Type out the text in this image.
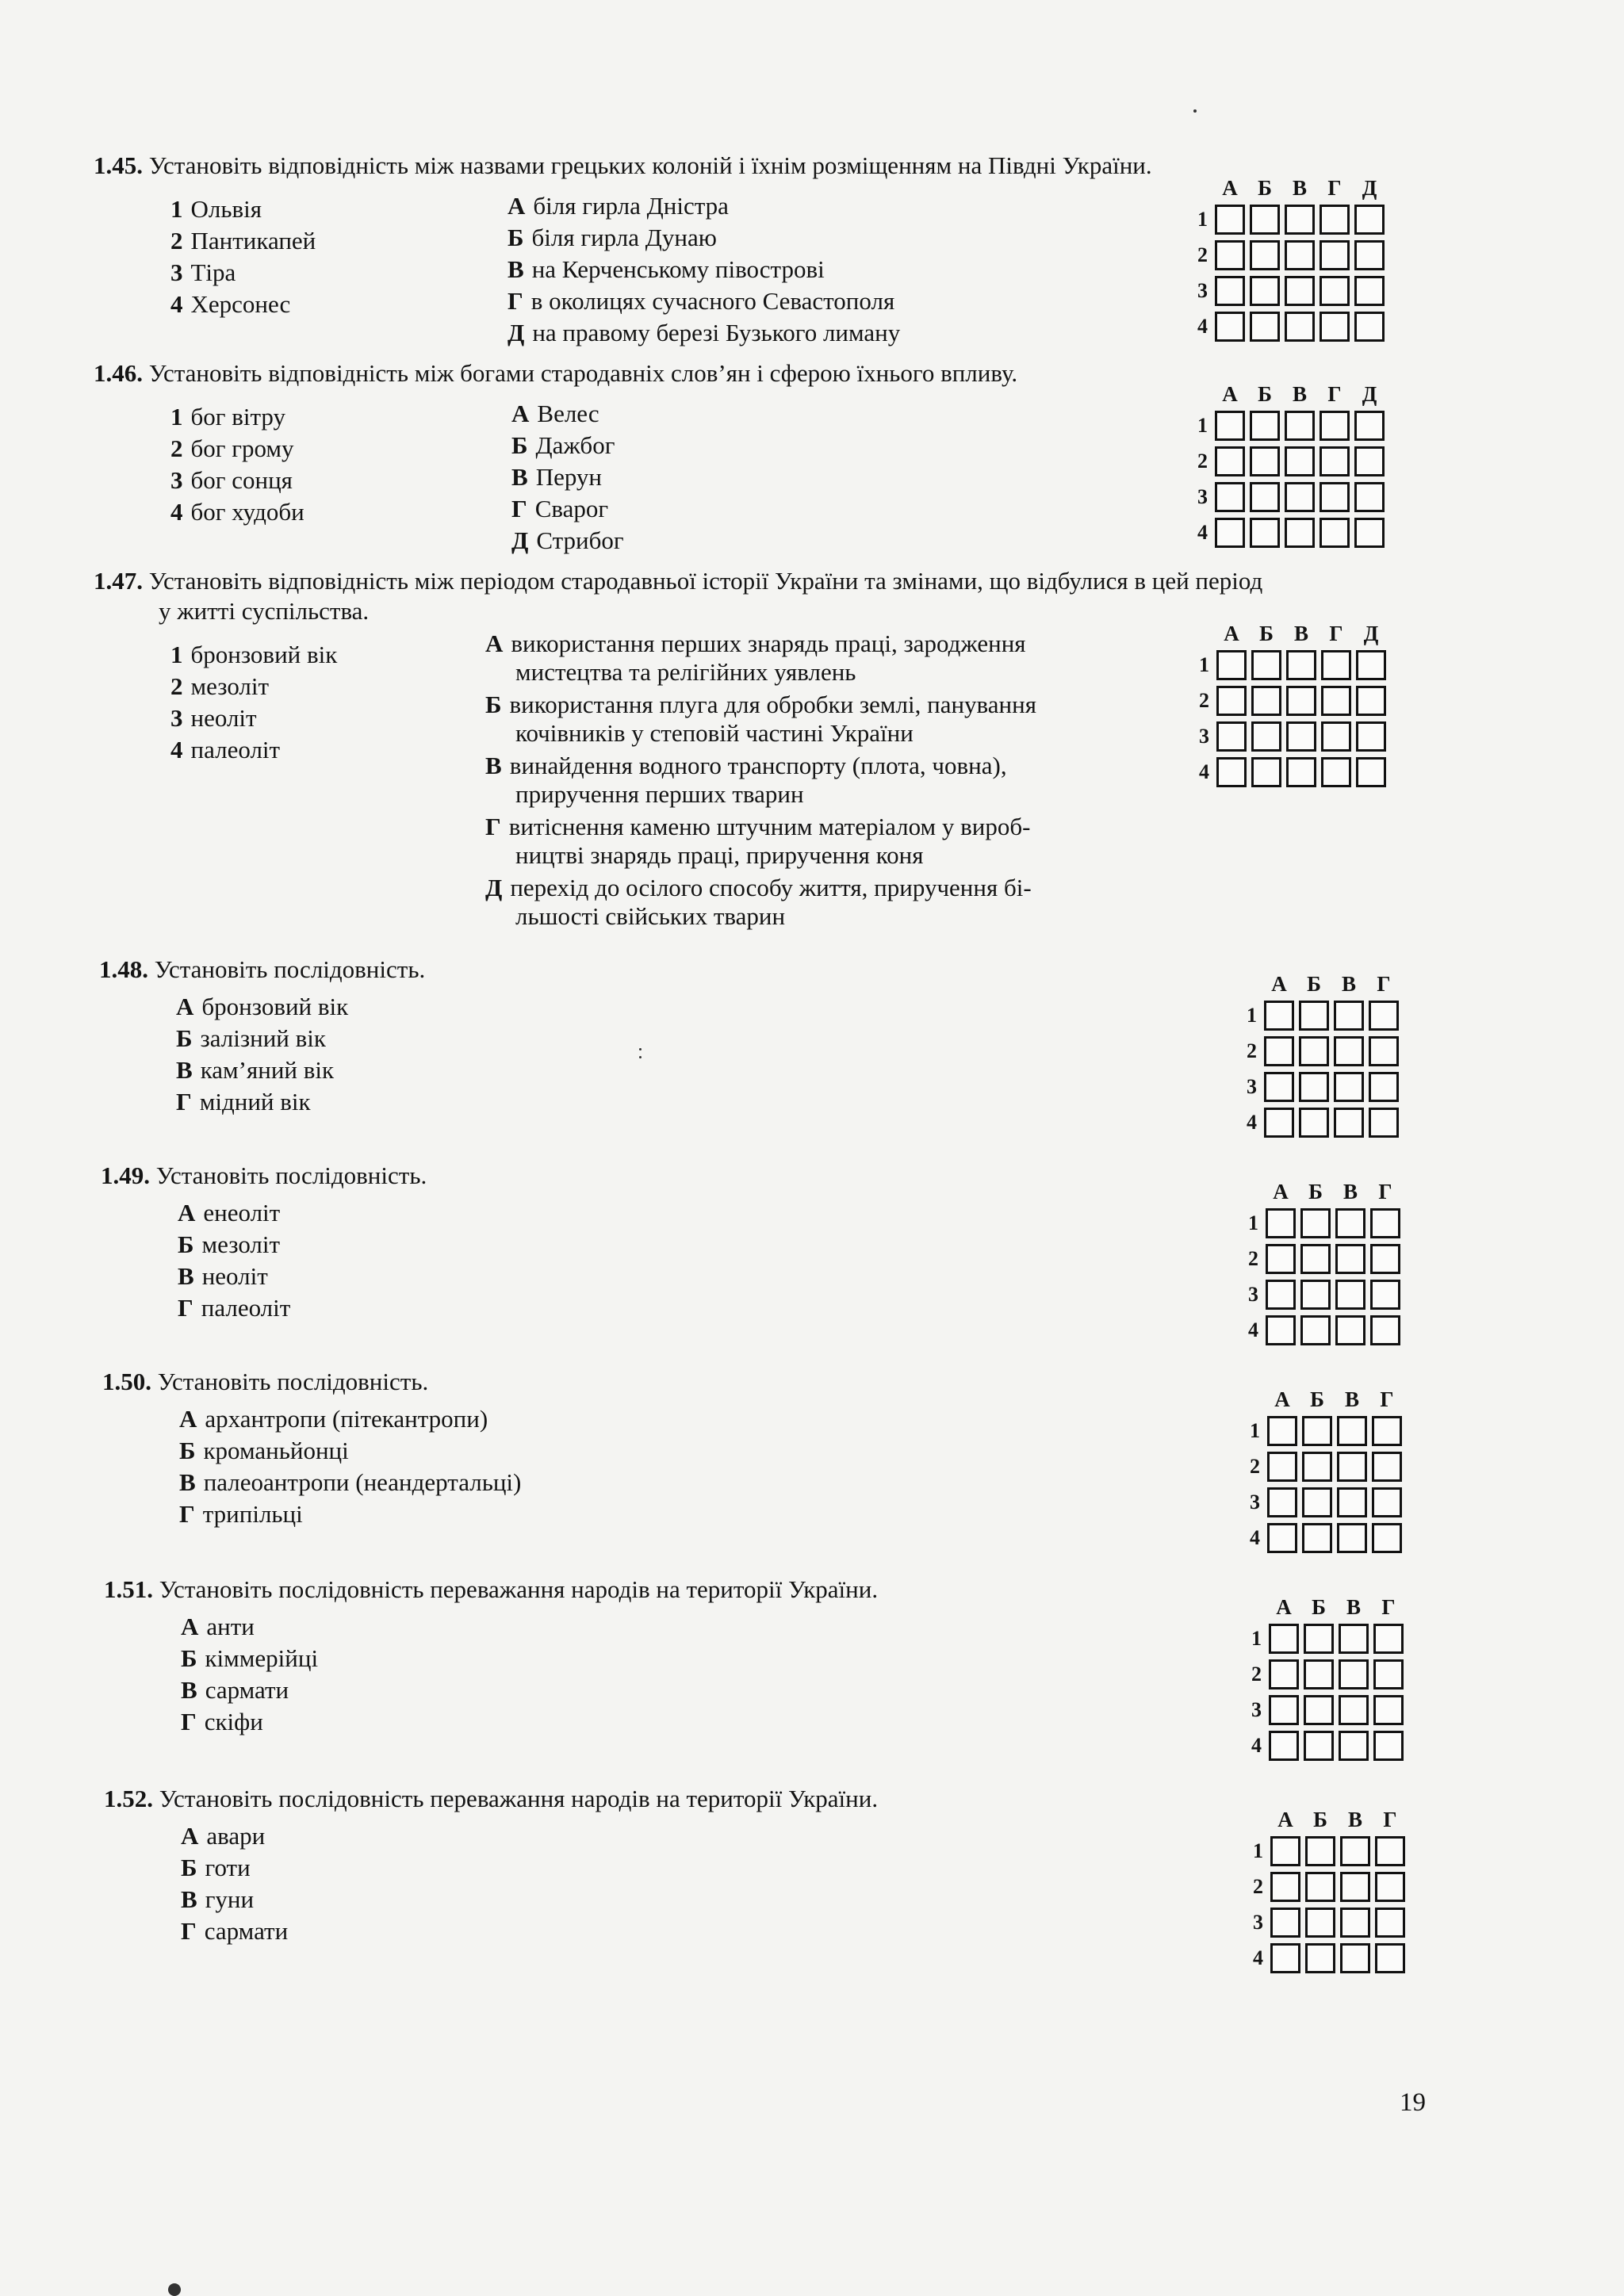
1.45. Установіть відповідність між назвами грецьких колоній і їхнім розміщенням на Півдні України.
1 Ольвія
2 Пантикапей
3 Тіра
4 Херсонес
А біля гирла Дністра
Б біля гирла Дунаю
В на Керченському півострові
Г в околицях сучасного Севастополя
Д на правому березі Бузького лиману
А Б В Г Д
1
2
3
4
1.46. Установіть відповідність між богами стародавніх слов’ян і сферою їхнього впливу.
1 бог вітру
2 бог грому
3 бог сонця
4 бог худоби
А Велес
Б Дажбог
В Перун
Г Сварог
Д Стрибог
А Б В Г Д
1
2
3
4
1.47. Установіть відповідність між періодом стародавньої історії України та змінами, що відбулися в цей період
у житті суспільства.
1 бронзовий вік
2 мезоліт
3 неоліт
4 палеоліт
А використання перших знарядь праці, зародження
мистецтва та релігійних уявлень
Б використання плуга для обробки землі, панування
кочівників у степовій частині України
В винайдення водного транспорту (плота, човна),
приручення перших тварин
Г витіснення каменю штучним матеріалом у вироб-
ництві знарядь праці, приручення коня
Д перехід до осілого способу життя, приручення бі-
льшості свійських тварин
А Б В Г Д
1
2
3
4
1.48. Установіть послідовність.
А бронзовий вік
Б залізний вік
В кам’яний вік
Г мідний вік
А Б В Г
1
2
3
4
1.49. Установіть послідовність.
А енеоліт
Б мезоліт
В неоліт
Г палеоліт
А Б В Г
1
2
3
4
1.50. Установіть послідовність.
А архантропи (пітекантропи)
Б кроманьйонці
В палеоантропи (неандертальці)
Г трипільці
А Б В Г
1
2
3
4
1.51. Установіть послідовність переважання народів на території України.
А анти
Б кіммерійці
В сармати
Г скіфи
А Б В Г
1
2
3
4
1.52. Установіть послідовність переважання народів на території України.
А авари
Б готи
В гуни
Г сармати
А Б В Г
1
2
3
4
19
